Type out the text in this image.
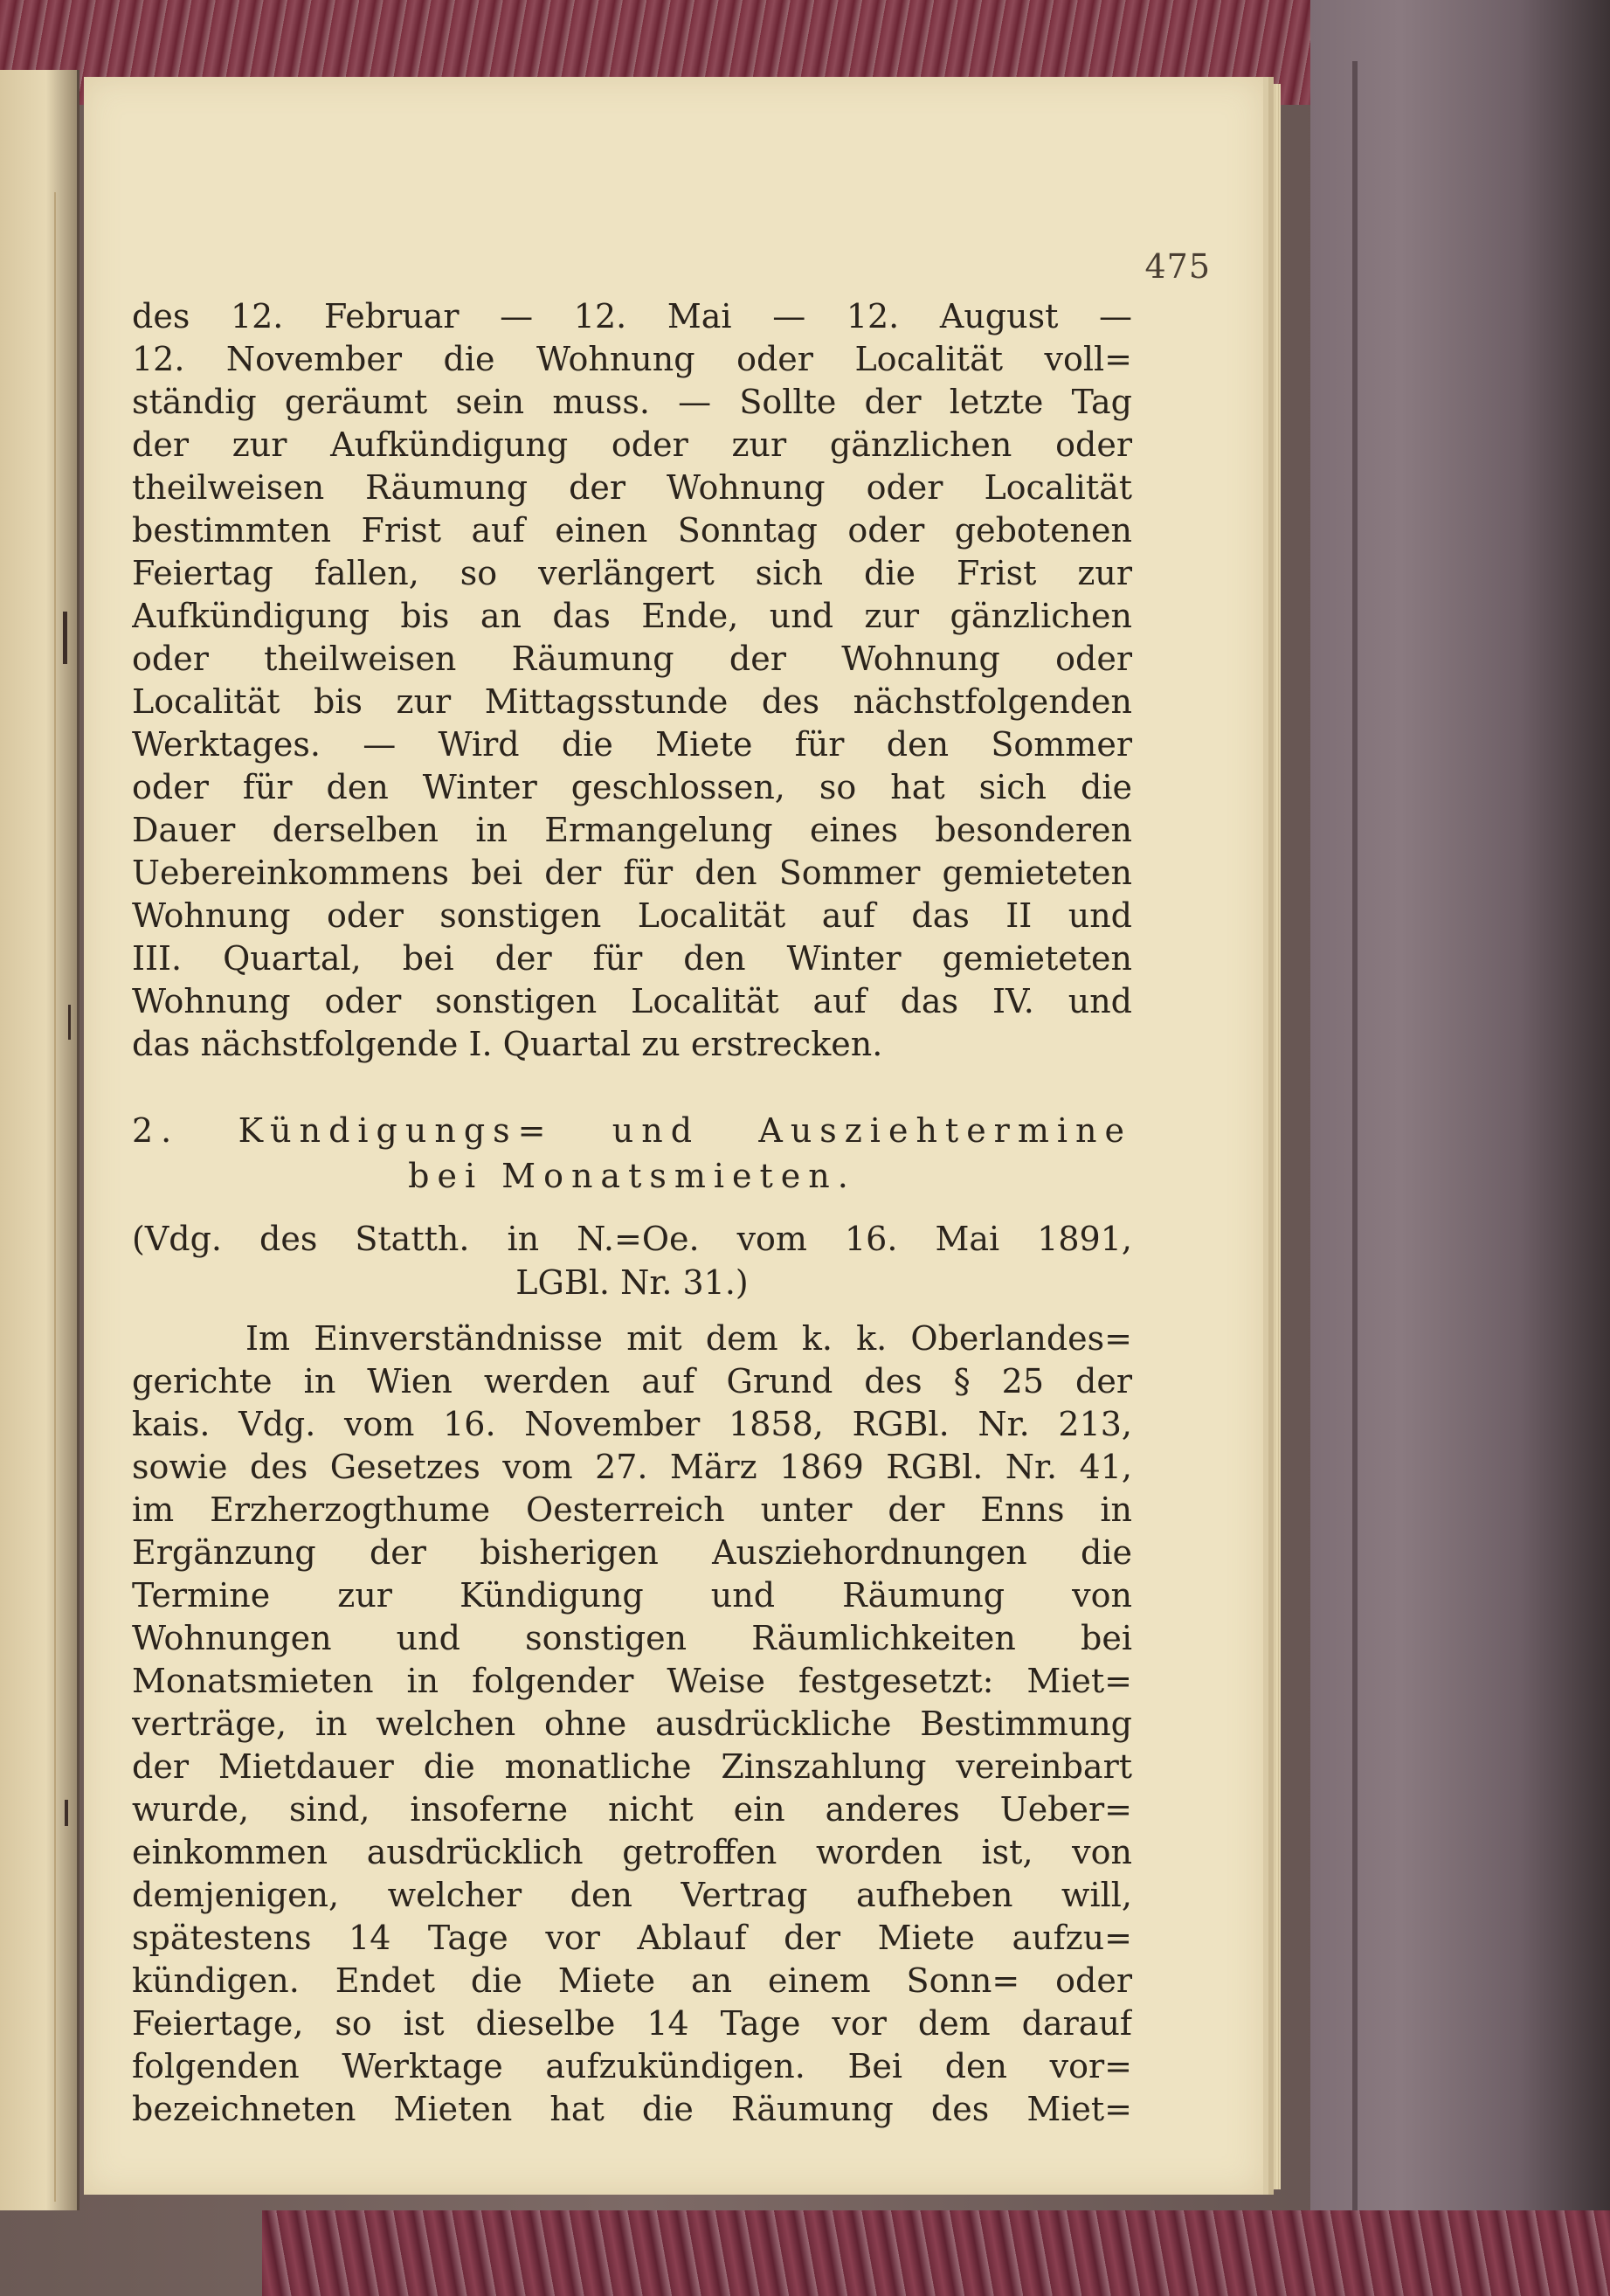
475
des 12. Februar — 12. Mai — 12. August —
12. November die Wohnung oder Localität voll=
ständig geräumt sein muss. — Sollte der letzte Tag
der zur Aufkündigung oder zur gänzlichen oder
theilweisen Räumung der Wohnung oder Localität
bestimmten Frist auf einen Sonntag oder gebotenen
Feiertag fallen, so verlängert sich die Frist zur
Aufkündigung bis an das Ende, und zur gänzlichen
oder theilweisen Räumung der Wohnung oder
Localität bis zur Mittagsstunde des nächstfolgenden
Werktages. — Wird die Miete für den Sommer
oder für den Winter geschlossen, so hat sich die
Dauer derselben in Ermangelung eines besonderen
Uebereinkommens bei der für den Sommer gemieteten
Wohnung oder sonstigen Localität auf das II und
III. Quartal, bei der für den Winter gemieteten
Wohnung oder sonstigen Localität auf das IV. und
das nächstfolgende I. Quartal zu erstrecken.
2. Kündigungs= und Ausziehtermine
bei Monatsmieten.
(Vdg. des Statth. in N.=Oe. vom 16. Mai 1891,
LGBl. Nr. 31.)
Im Einverständnisse mit dem k. k. Oberlandes=
gerichte in Wien werden auf Grund des § 25 der
kais. Vdg. vom 16. November 1858, RGBl. Nr. 213,
sowie des Gesetzes vom 27. März 1869 RGBl. Nr. 41,
im Erzherzogthume Oesterreich unter der Enns in
Ergänzung der bisherigen Ausziehordnungen die
Termine zur Kündigung und Räumung von
Wohnungen und sonstigen Räumlichkeiten bei
Monatsmieten in folgender Weise festgesetzt: Miet=
verträge, in welchen ohne ausdrückliche Bestimmung
der Mietdauer die monatliche Zinszahlung vereinbart
wurde, sind, insoferne nicht ein anderes Ueber=
einkommen ausdrücklich getroffen worden ist, von
demjenigen, welcher den Vertrag aufheben will,
spätestens 14 Tage vor Ablauf der Miete aufzu=
kündigen. Endet die Miete an einem Sonn= oder
Feiertage, so ist dieselbe 14 Tage vor dem darauf
folgenden Werktage aufzukündigen. Bei den vor=
bezeichneten Mieten hat die Räumung des Miet=
